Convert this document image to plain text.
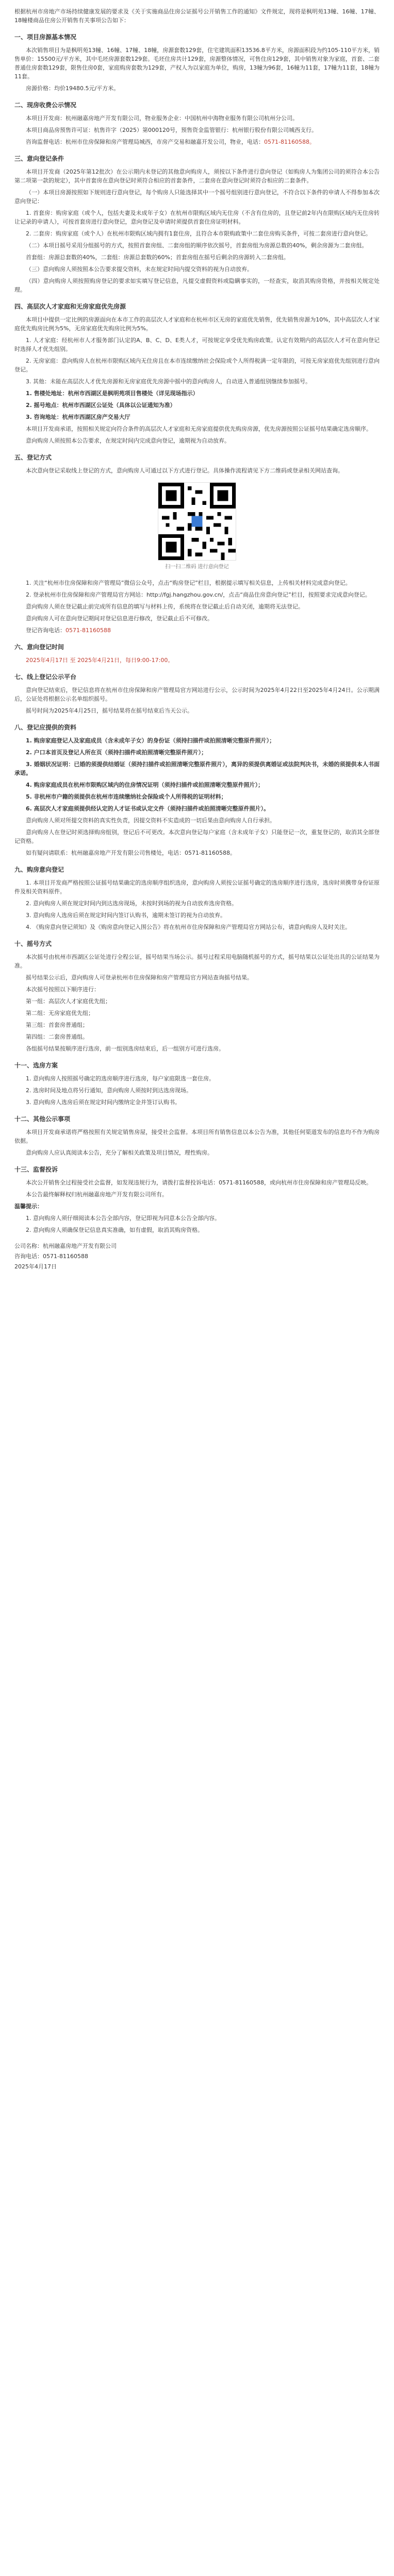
根据杭州市房地产市场持续健康发展的要求及《关于实施商品住房公证摇号公开销售工作的通知》文件规定，现将是枫明苑13幢、16幢、17幢、18幢楼商品住房公开销售有关事项公告如下：

一、项目房源基本情况

本次销售项目为是枫明苑13幢、16幢、17幢、18幢，房源套数129套，住宅建筑面积13536.8平方米，房源面积段为约105-110平方米，销售单价：15500元/平方米，其中毛坯房源套数129套。毛坯住房共计129套，房源整体情况，可售住房129套，其中销售对象为家庭，首套、二套普通住房套数129套，限售住房0套，家庭购房套数为129套，产权人为以家庭为单位，购房，13幢为96套，16幢为11套，17幢为11套，18幢为11套。

房源价格：均价19480.5元/平方米。

二、现房收费公示情况

本项目开发商：杭州融嘉房地产开发有限公司，物业服务企业：中国杭州中海物业服务有限公司杭州分公司。

本项目商品房预售许可证：杭售许字（2025）第000120号，预售资金监管银行：杭州银行股份有限公司城西支行。

咨询监督电话：杭州市住房保障和房产管理局城西，市房产交易和融嘉开发公司，物业，电话：0571-81160588。

三、意向登记条件

本项目开发商（2025年第12批次）在公示期内未登记的其他意向购房人，须按以下条件进行意向登记（如购房人为集团公司的须符合本公告第二项第一款的规定），其中首套房在意向登记时须符合相应的首套条件，二套房在意向登记时须符合相应的二套条件。

（一）本项目房源按照如下规则进行意向登记，每个购房人只能选择其中一个摇号组别进行意向登记，不符合以下条件的申请人不得参加本次意向登记：

1. 首套房：购房家庭（或个人，包括夫妻及未成年子女）在杭州市限购区域内无住房（不含有住房的，且登记前2年内在限购区域内无住房转让记录的申请人），可按首套房进行意向登记，意向登记及申请时须提供首套住房证明材料。

2. 二套房：购房家庭（或个人）在杭州市限购区域内拥有1套住房，且符合本市限购政策中二套住房购买条件，可按二套房进行意向登记。

（二）本项目摇号采用分组摇号的方式，按照首套房组、二套房组的顺序依次摇号，首套房组为房源总数的40%，剩余房源为二套房组。

首套组：房源总套数的40%，二套组：房源总套数的60%；首套房组在摇号后剩余的房源转入二套房组。

（三）意向购房人须按照本公告要求提交资料，未在规定时间内提交资料的视为自动放弃。

（四）意向购房人须按照购房登记的要求如实填写登记信息，凡提交虚假资料或隐瞒事实的，一经查实，取消其购房资格，并按相关规定处理。

四、高层次人才家庭和无房家庭优先房源

本项目中提供一定比例的房源面向在本市工作的高层次人才家庭和在杭州市区无房的家庭优先销售，优先销售房源为10%，其中高层次人才家庭优先购房比例为5%，无房家庭优先购房比例为5%。

1. 人才家庭：经杭州市人才服务部门认定的A、B、C、D、E类人才，可按规定享受优先购房政策。认定有效期内的高层次人才可在意向登记时选择人才优先组别。

2. 无房家庭：意向购房人在杭州市限购区域内无住房且在本市连续缴纳社会保险或个人所得税满一定年限的，可按无房家庭优先组别进行意向登记。

3. 其他：未能在高层次人才优先房源和无房家庭优先房源中摇中的意向购房人，自动进入普通组别继续参加摇号。

1. 售楼处地址：杭州市西湖区是枫明苑项目售楼处（详见现场指示）

2. 摇号地点：杭州市西湖区公证处（具体以公证通知为准）

3. 咨询地址：杭州市西湖区房产交易大厅

本项目开发商承诺，按照相关规定向符合条件的高层次人才家庭和无房家庭提供优先购房房源，优先房源按照公证摇号结果确定选房顺序。

意向购房人须按照本公告要求，在规定时间内完成意向登记，逾期视为自动放弃。

五、登记方式

本次意向登记采取线上登记的方式，意向购房人可通过以下方式进行登记。具体操作流程请见下方二维码或登录相关网站查询。

扫一扫二维码 进行意向登记

1. 关注“杭州市住房保障和房产管理局”微信公众号，点击“购房登记”栏目，根据提示填写相关信息，上传相关材料完成意向登记。

2. 登录杭州市住房保障和房产管理局官方网站：http://fgj.hangzhou.gov.cn/，点击“商品住房意向登记”栏目，按照要求完成意向登记。

意向购房人须在登记截止前完成所有信息的填写与材料上传，系统将在登记截止后自动关闭，逾期将无法登记。

意向购房人可在意向登记期间对登记信息进行修改，登记截止后不可修改。

登记咨询电话：0571-81160588

六、意向登记时间

2025年4月17日 至 2025年4月21日，每日9:00-17:00。

七、线上登记公示平台

意向登记结束后，登记信息将在杭州市住房保障和房产管理局官方网站进行公示，公示时间为2025年4月22日至2025年4月24日。公示期满后，公证处将根据公示名单组织摇号。

摇号时间为2025年4月25日，摇号结果将在摇号结束后当天公示。

八、登记应提供的资料

1. 购房家庭登记人及家庭成员（含未成年子女）的身份证（须持扫描件或拍照清晰完整原件照片）；

2. 户口本首页及登记人所在页（须持扫描件或拍照清晰完整原件照片）；

3. 婚姻状况证明：已婚的须提供结婚证（须持扫描件或拍照清晰完整原件照片），离异的须提供离婚证或法院判决书，未婚的须提供本人书面承诺。

4. 购房家庭成员在杭州市限购区域内的住房情况证明（须持扫描件或拍照清晰完整原件照片）；

5. 非杭州市户籍的须提供在杭州市连续缴纳社会保险或个人所得税的证明材料；

6. 高层次人才家庭须提供经认定的人才证书或认定文件（须持扫描件或拍照清晰完整原件照片）。

意向购房人须对所提交资料的真实性负责，因提交资料不实造成的一切后果由意向购房人自行承担。

意向购房人在登记时须选择购房组别，登记后不可更改。本次意向登记每户家庭（含未成年子女）只能登记一次，重复登记的，取消其全部登记资格。

如有疑问请联系：杭州融嘉房地产开发有限公司售楼处，电话：0571-81160588。

九、购房意向登记

1. 本项目开发商严格按照公证摇号结果确定的选房顺序组织选房，意向购房人须按公证摇号确定的选房顺序进行选房，选房时须携带身份证原件及相关资料原件。

2. 意向购房人须在规定时间内到达选房现场，未按时到场的视为自动放弃选房资格。

3. 意向购房人选房后须在规定时间内签订认购书，逾期未签订的视为自动放弃。

4. 《购房意向登记须知》及《购房意向登记入围公告》将在杭州市住房保障和房产管理局官方网站公布，请意向购房人及时关注。

十、摇号方式

本次摇号由杭州市西湖区公证处进行全程公证，摇号结果当场公示。摇号过程采用电脑随机摇号的方式，摇号结果以公证处出具的公证结果为准。

摇号结果公示后，意向购房人可登录杭州市住房保障和房产管理局官方网站查询摇号结果。

本次摇号按照以下顺序进行：

第一组：高层次人才家庭优先组；

第二组：无房家庭优先组；

第三组：首套房普通组；

第四组：二套房普通组。

各组摇号结果按顺序进行选房，前一组别选房结束后，后一组别方可进行选房。

十一、选房方案

1. 意向购房人按照摇号确定的选房顺序进行选房，每户家庭限选一套住房。

2. 选房时间及地点将另行通知，意向购房人须按时到达选房现场。

3. 意向购房人选房后须在规定时间内缴纳定金并签订认购书。

十二、其他公示事项

本项目开发商承诺将严格按照有关规定销售房屋，接受社会监督。本项目所有销售信息以本公告为准，其他任何渠道发布的信息均不作为购房依据。

意向购房人应认真阅读本公告，充分了解相关政策及项目情况，理性购房。

十三、监督投诉

本次公开销售全过程接受社会监督，如发现违规行为，请拨打监督投诉电话：0571-81160588，或向杭州市住房保障和房产管理局反映。

本公告最终解释权归杭州融嘉房地产开发有限公司所有。

温馨提示：

1. 意向购房人须仔细阅读本公告全部内容，登记即视为同意本公告全部内容。

2. 意向购房人须确保登记信息真实准确，如有虚假，取消其购房资格。

公司名称：杭州融嘉房地产开发有限公司
咨询电话：0571-81160588
2025年4月17日
